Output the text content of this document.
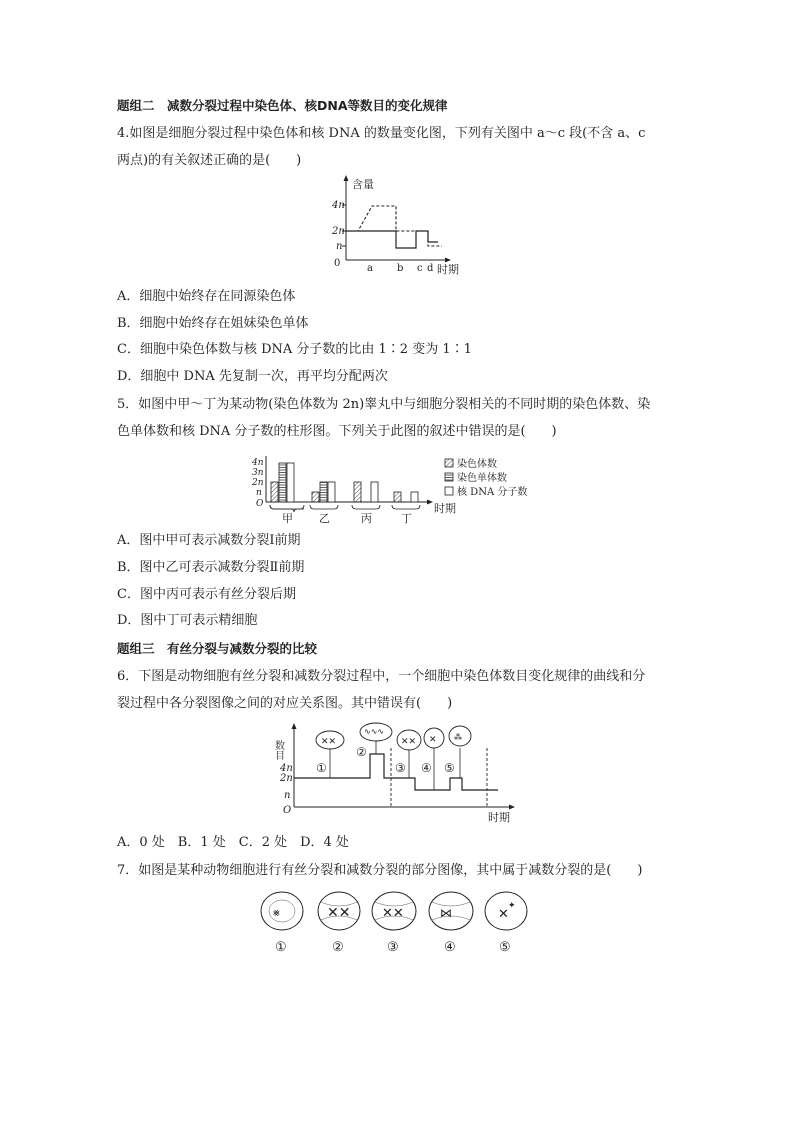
题组二　减数分裂过程中染色体、核DNA等数目的变化规律
4.如图是细胞分裂过程中染色体和核 DNA 的数量变化图，下列有关图中 a～c 段(不含 a、c
两点)的有关叙述正确的是(　　)
含量
4n
2n
n
0	a b c d 时期
A．细胞中始终存在同源染色体
B．细胞中始终存在姐妹染色单体
C．细胞中染色体数与核 DNA 分子数的比由 1∶2 变为 1∶1
D．细胞中 DNA 先复制一次，再平均分配两次
5．如图中甲～丁为某动物(染色体数为 2n)睾丸中与细胞分裂相关的不同时期的染色体数、染
色单体数和核 DNA 分子数的柱形图。下列关于此图的叙述中错误的是(　　)
4n
3n
2n
n
O
甲 乙	丙	丁
时期
染色体数
染色单体数
核 DNA 分子数
A．图中甲可表示减数分裂Ⅰ前期
B．图中乙可表示减数分裂Ⅱ前期
C．图中丙可表示有丝分裂后期
D．图中丁可表示精细胞
题组三　有丝分裂与减数分裂的比较
6．下图是动物细胞有丝分裂和减数分裂过程中，一个细胞中染色体数目变化规律的曲线和分
裂过程中各分裂图像之间的对应关系图。其中错误有(　　)
数目
4n
2n
n
O
✕✕
∿∿∿
✕✕ ✕ ⁂
①
②
③ ④ ⑤
时期
A．0 处　B．1 处　C．2 处　D．4 处
7．如图是某种动物细胞进行有丝分裂和减数分裂的部分图像，其中属于减数分裂的是(　　)
⨳	✕✕ ✕✕	⋈	✕
✦
①	②	③	④	⑤
